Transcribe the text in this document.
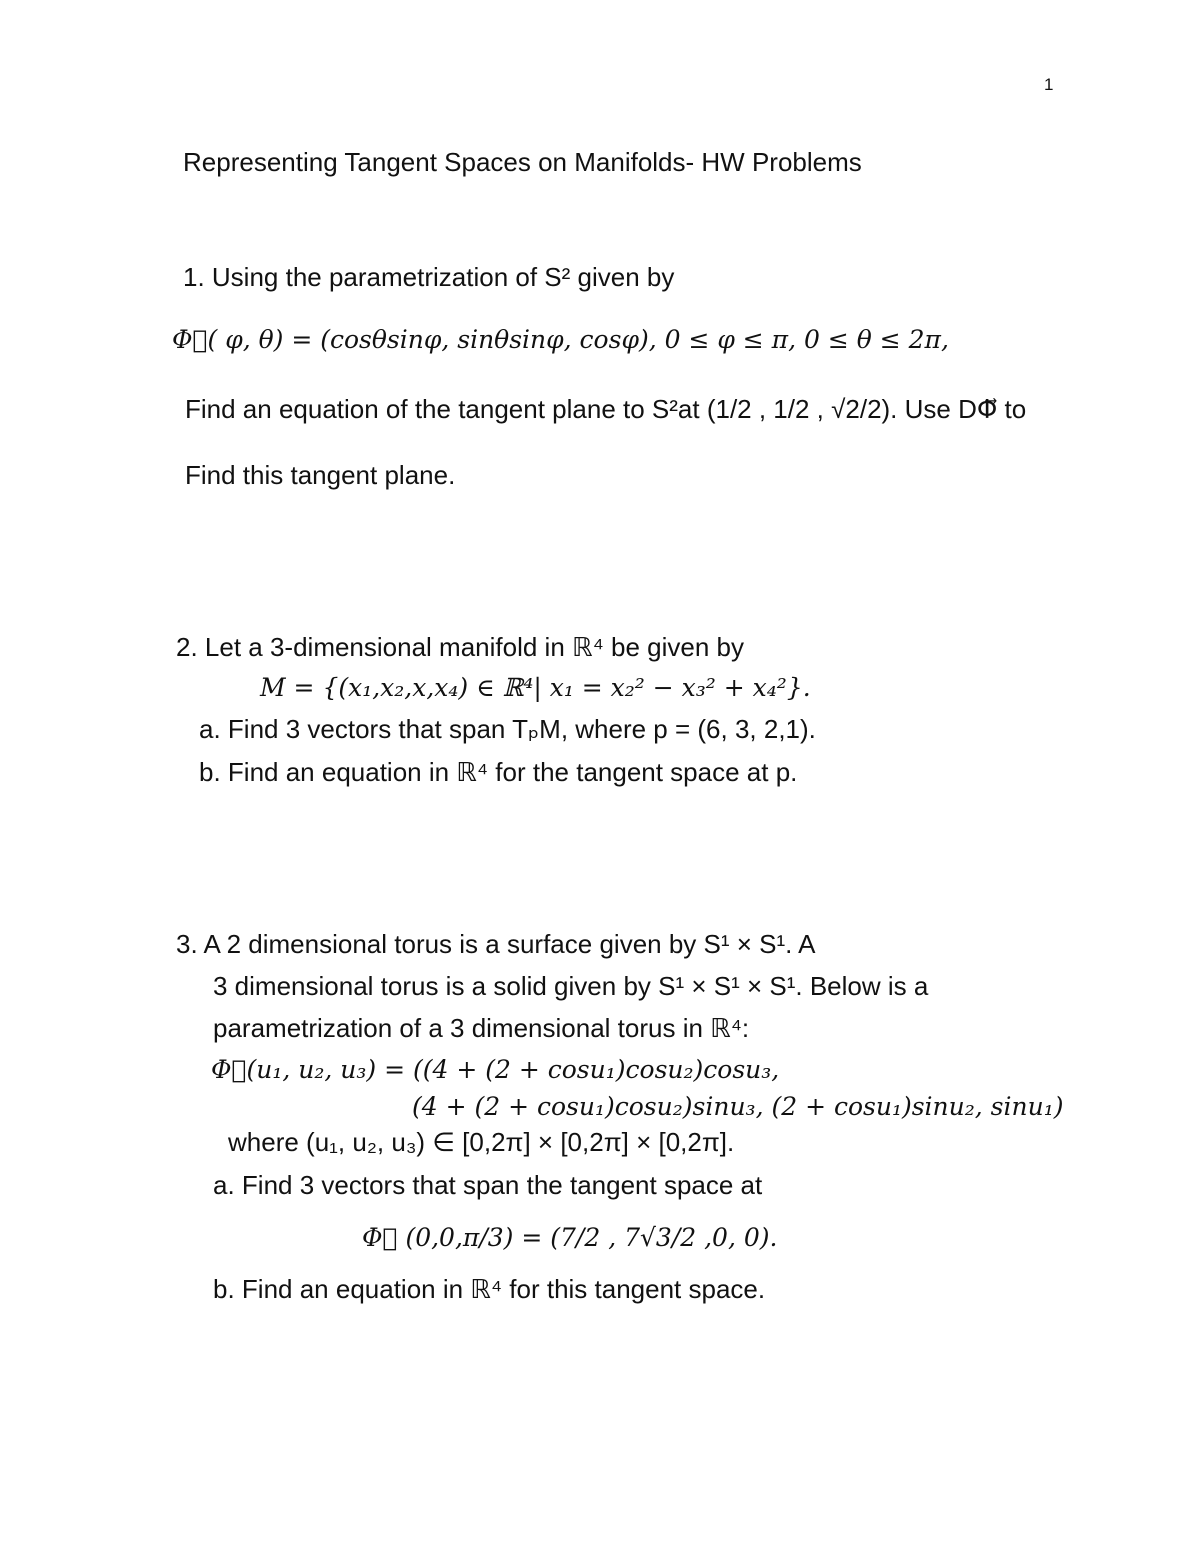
1
Representing Tangent Spaces on Manifolds- HW Problems
1. Using the parametrization of S² given by
Φ⃗( φ, θ) = (cosθsinφ, sinθsinφ, cosφ), 0 ≤ φ ≤ π, 0 ≤ θ ≤ 2π,
Find an equation of the tangent plane to S²at (1/2 , 1/2 , √2/2). Use DΦ⃗ to
Find this tangent plane.
2. Let a 3-dimensional manifold in ℝ⁴ be given by
M = {(x₁,x₂,x,x₄) ∈ ℝ⁴| x₁ = x₂² − x₃² + x₄²}.
a. Find 3 vectors that span TₚM, where p = (6, 3, 2,1).
b. Find an equation in ℝ⁴ for the tangent space at p.
3. A 2 dimensional torus is a surface given by S¹ × S¹. A
3 dimensional torus is a solid given by S¹ × S¹ × S¹. Below is a
parametrization of a 3 dimensional torus in ℝ⁴:
Φ⃗(u₁, u₂, u₃) = ((4 + (2 + cosu₁)cosu₂)cosu₃,
(4 + (2 + cosu₁)cosu₂)sinu₃, (2 + cosu₁)sinu₂, sinu₁)
where (u₁, u₂, u₃) ∈ [0,2π] × [0,2π] × [0,2π].
a. Find 3 vectors that span the tangent space at
Φ⃗ (0,0,π/3) = (7/2 , 7√3/2 ,0, 0).
b. Find an equation in ℝ⁴ for this tangent space.
